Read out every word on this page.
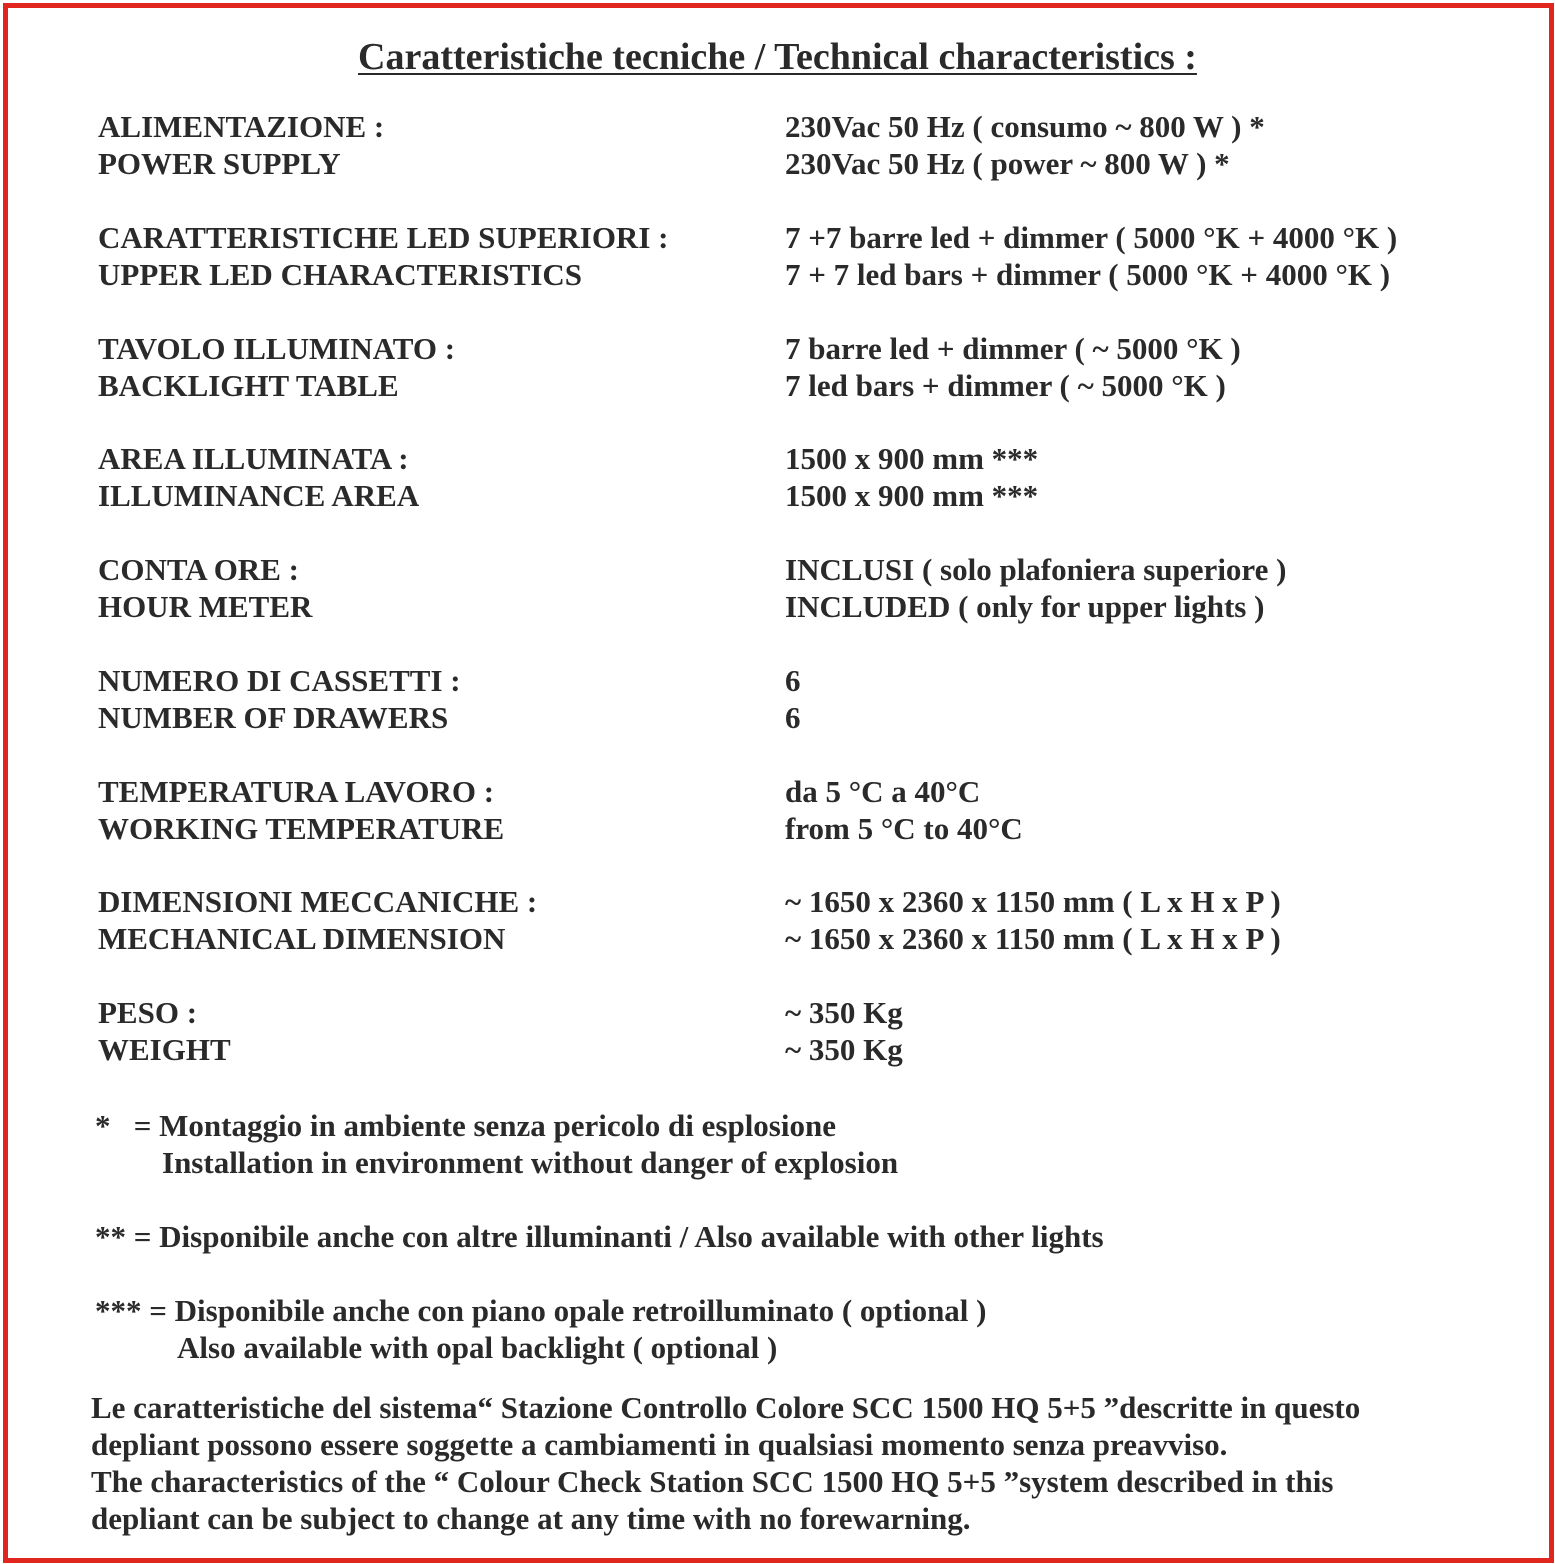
Caratteristiche tecniche / Technical characteristics :
ALIMENTAZIONE :	230Vac 50 Hz ( consumo ~ 800 W ) *
POWER SUPPLY	230Vac 50 Hz ( power ~ 800 W ) *
CARATTERISTICHE LED SUPERIORI :	7 +7 barre led + dimmer ( 5000 °K + 4000 °K )
UPPER LED CHARACTERISTICS	7 + 7 led bars + dimmer ( 5000 °K + 4000 °K )
TAVOLO ILLUMINATO :	7 barre led + dimmer ( ~ 5000 °K )
BACKLIGHT TABLE	7 led bars + dimmer ( ~ 5000 °K )
AREA ILLUMINATA :	1500 x 900 mm ***
ILLUMINANCE AREA	1500 x 900 mm ***
CONTA ORE :	INCLUSI ( solo plafoniera superiore )
HOUR METER	INCLUDED ( only for upper lights )
NUMERO DI CASSETTI :	6
NUMBER OF DRAWERS	6
TEMPERATURA LAVORO :	da 5 °C a 40°C
WORKING TEMPERATURE	from 5 °C to 40°C
DIMENSIONI MECCANICHE :	~ 1650 x 2360 x 1150 mm ( L x H x P )
MECHANICAL DIMENSION	~ 1650 x 2360 x 1150 mm ( L x H x P )
PESO :	~ 350 Kg
WEIGHT	~ 350 Kg
*   = Montaggio in ambiente senza pericolo di esplosione
Installation in environment without danger of explosion
** = Disponibile anche con altre illuminanti / Also available with other lights
*** = Disponibile anche con piano opale retroilluminato ( optional )
Also available with opal backlight ( optional )
Le caratteristiche del sistema“ Stazione Controllo Colore SCC 1500 HQ 5+5 ”descritte in questo
depliant possono essere soggette a cambiamenti in qualsiasi momento senza preavviso.
The characteristics of the “ Colour Check Station SCC 1500 HQ 5+5 ”system described in this
depliant can be subject to change at any time with no forewarning.
